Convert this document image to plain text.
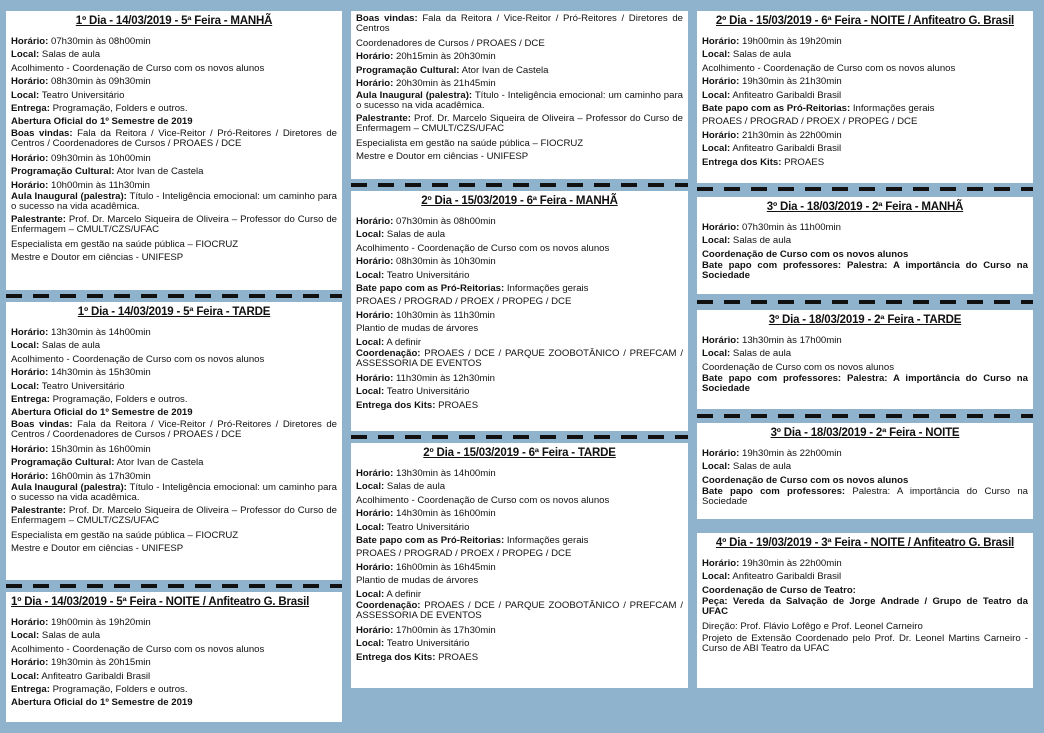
1º Dia - 14/03/2019 - 5ª Feira - MANHÃ
Horário: 07h30min às 08h00min
Local: Salas de aula
Acolhimento - Coordenação de Curso com os novos alunos
Horário: 08h30min às 09h30min
Local: Teatro Universitário
Entrega: Programação, Folders e outros.
Abertura Oficial do 1º Semestre de 2019
Boas vindas: Fala da Reitora / Vice-Reitor / Pró-Reitores / Diretores de Centros / Coordenadores de Cursos / PROAES / DCE
Horário: 09h30min às 10h00min
Programação Cultural: Ator Ivan de Castela
Horário: 10h00min às 11h30min
Aula Inaugural (palestra): Título - Inteligência emocional: um caminho para o sucesso na vida acadêmica.
Palestrante: Prof. Dr. Marcelo Siqueira de Oliveira – Professor do Curso de Enfermagem – CMULT/CZS/UFAC
Especialista em gestão na saúde pública – FIOCRUZ
Mestre e Doutor em ciências - UNIFESP
1º Dia - 14/03/2019 - 5ª Feira - TARDE
Horário: 13h30min às 14h00min
Local: Salas de aula
Acolhimento - Coordenação de Curso com os novos alunos
Horário: 14h30min às 15h30min
Local: Teatro Universitário
Entrega: Programação, Folders e outros.
Abertura Oficial do 1º Semestre de 2019
Boas vindas: Fala da Reitora / Vice-Reitor / Pró-Reitores / Diretores de Centros / Coordenadores de Cursos / PROAES / DCE
Horário: 15h30min às 16h00min
Programação Cultural: Ator Ivan de Castela
Horário: 16h00min às 17h30min
Aula Inaugural (palestra): Título - Inteligência emocional: um caminho para o sucesso na vida acadêmica.
Palestrante: Prof. Dr. Marcelo Siqueira de Oliveira – Professor do Curso de Enfermagem – CMULT/CZS/UFAC
Especialista em gestão na saúde pública – FIOCRUZ
Mestre e Doutor em ciências - UNIFESP
1º Dia - 14/03/2019 - 5ª Feira - NOITE / Anfiteatro G. Brasil
Horário: 19h00min às 19h20min
Local: Salas de aula
Acolhimento - Coordenação de Curso com os novos alunos
Horário: 19h30min às 20h15min
Local: Anfiteatro Garibaldi Brasil
Entrega: Programação, Folders e outros.
Abertura Oficial do 1º Semestre de 2019
Boas vindas: Fala da Reitora / Vice-Reitor / Pró-Reitores / Diretores de Centros
Coordenadores de Cursos / PROAES / DCE
Horário: 20h15min às 20h30min
Programação Cultural: Ator Ivan de Castela
Horário: 20h30min às 21h45min
Aula Inaugural (palestra): Título - Inteligência emocional: um caminho para o sucesso na vida acadêmica.
Palestrante: Prof. Dr. Marcelo Siqueira de Oliveira – Professor do Curso de Enfermagem – CMULT/CZS/UFAC
Especialista em gestão na saúde pública – FIOCRUZ
Mestre e Doutor em ciências - UNIFESP
2º Dia - 15/03/2019 - 6ª Feira - MANHÃ
Horário: 07h30min às 08h00min
Local: Salas de aula
Acolhimento - Coordenação de Curso com os novos alunos
Horário: 08h30min às 10h30min
Local: Teatro Universitário
Bate papo com as Pró-Reitorias: Informações gerais
PROAES / PROGRAD / PROEX / PROPEG / DCE
Horário: 10h30min às 11h30min
Plantio de mudas de árvores
Local: A definir
Coordenação: PROAES / DCE / PARQUE ZOOBOTÂNICO / PREFCAM / ASSESSORIA DE EVENTOS
Horário: 11h30min às 12h30min
Local: Teatro Universitário
Entrega dos Kits: PROAES
2º Dia - 15/03/2019 - 6ª Feira - TARDE
Horário: 13h30min às 14h00min
Local: Salas de aula
Acolhimento - Coordenação de Curso com os novos alunos
Horário: 14h30min às 16h00min
Local: Teatro Universitário
Bate papo com as Pró-Reitorias: Informações gerais
PROAES / PROGRAD / PROEX / PROPEG / DCE
Horário: 16h00min às 16h45min
Plantio de mudas de árvores
Local: A definir
Coordenação: PROAES / DCE / PARQUE ZOOBOTÂNICO / PREFCAM / ASSESSORIA DE EVENTOS
Horário: 17h00min às 17h30min
Local: Teatro Universitário
Entrega dos Kits: PROAES
2º Dia - 15/03/2019 - 6ª Feira - NOITE / Anfiteatro G. Brasil
Horário: 19h00min às 19h20min
Local: Salas de aula
Acolhimento - Coordenação de Curso com os novos alunos
Horário: 19h30min às 21h30min
Local: Anfiteatro Garibaldi Brasil
Bate papo com as Pró-Reitorias: Informações gerais
PROAES / PROGRAD / PROEX / PROPEG / DCE
Horário: 21h30min às 22h00min
Local: Anfiteatro Garibaldi Brasil
Entrega dos Kits: PROAES
3º Dia - 18/03/2019 - 2ª Feira - MANHÃ
Horário: 07h30min às 11h00min
Local: Salas de aula
Coordenação de Curso com os novos alunos
Bate papo com professores: Palestra: A importância do Curso na Sociedade
3º Dia - 18/03/2019 - 2ª Feira - TARDE
Horário: 13h30min às 17h00min
Local: Salas de aula
Coordenação de Curso com os novos alunos
Bate papo com professores: Palestra: A importância do Curso na Sociedade
3º Dia - 18/03/2019 - 2ª Feira - NOITE
Horário: 19h30min às 22h00min
Local: Salas de aula
Coordenação de Curso com os novos alunos
Bate papo com professores: Palestra: A importância do Curso na Sociedade
4º Dia - 19/03/2019 - 3ª Feira - NOITE / Anfiteatro G. Brasil
Horário: 19h30min às 22h00min
Local: Anfiteatro Garibaldi Brasil
Coordenação de Curso de Teatro:
Peça: Vereda da Salvação de Jorge Andrade / Grupo de Teatro da UFAC
Direção: Prof. Flávio Lofêgo e Prof. Leonel Carneiro
Projeto de Extensão Coordenado pelo Prof. Dr. Leonel Martins Carneiro - Curso de ABI Teatro da UFAC
